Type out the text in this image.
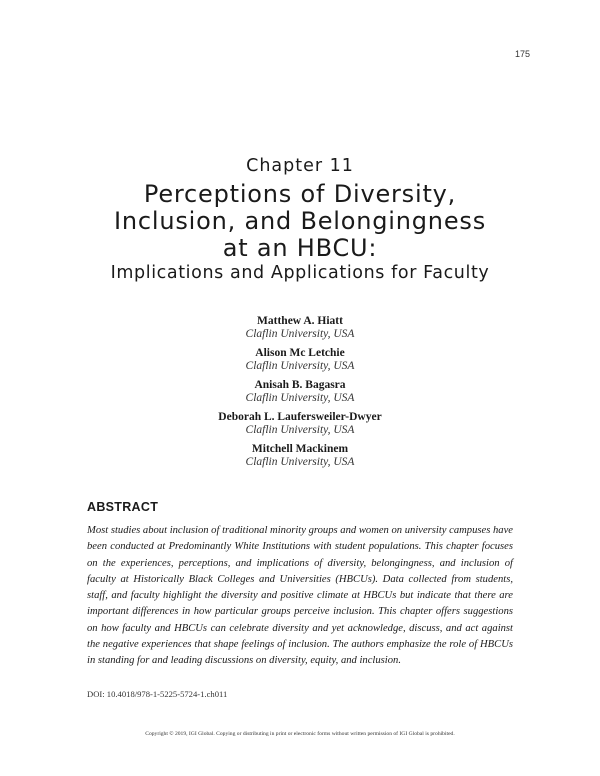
175
Chapter 11
Perceptions of Diversity,
Inclusion, and Belongingness
at an HBCU:
Implications and Applications for Faculty
Matthew A. Hiatt
Claflin University, USA
Alison Mc Letchie
Claflin University, USA
Anisah B. Bagasra
Claflin University, USA
Deborah L. Laufersweiler-Dwyer
Claflin University, USA
Mitchell Mackinem
Claflin University, USA
ABSTRACT
Most studies about inclusion of traditional minority groups and women on university campuses have been conducted at Predominantly White Institutions with student populations. This chapter focuses on the experiences, perceptions, and implications of diversity, belongingness, and inclusion of faculty at Historically Black Colleges and Universities (HBCUs). Data collected from students, staff, and faculty highlight the diversity and positive climate at HBCUs but indicate that there are important differences in how particular groups perceive inclusion. This chapter offers suggestions on how faculty and HBCUs can celebrate diversity and yet acknowledge, discuss, and act against the negative experiences that shape feelings of inclusion. The authors emphasize the role of HBCUs in standing for and leading discussions on diversity, equity, and inclusion.
DOI: 10.4018/978-1-5225-5724-1.ch011
Copyright © 2019, IGI Global. Copying or distributing in print or electronic forms without written permission of IGI Global is prohibited.
